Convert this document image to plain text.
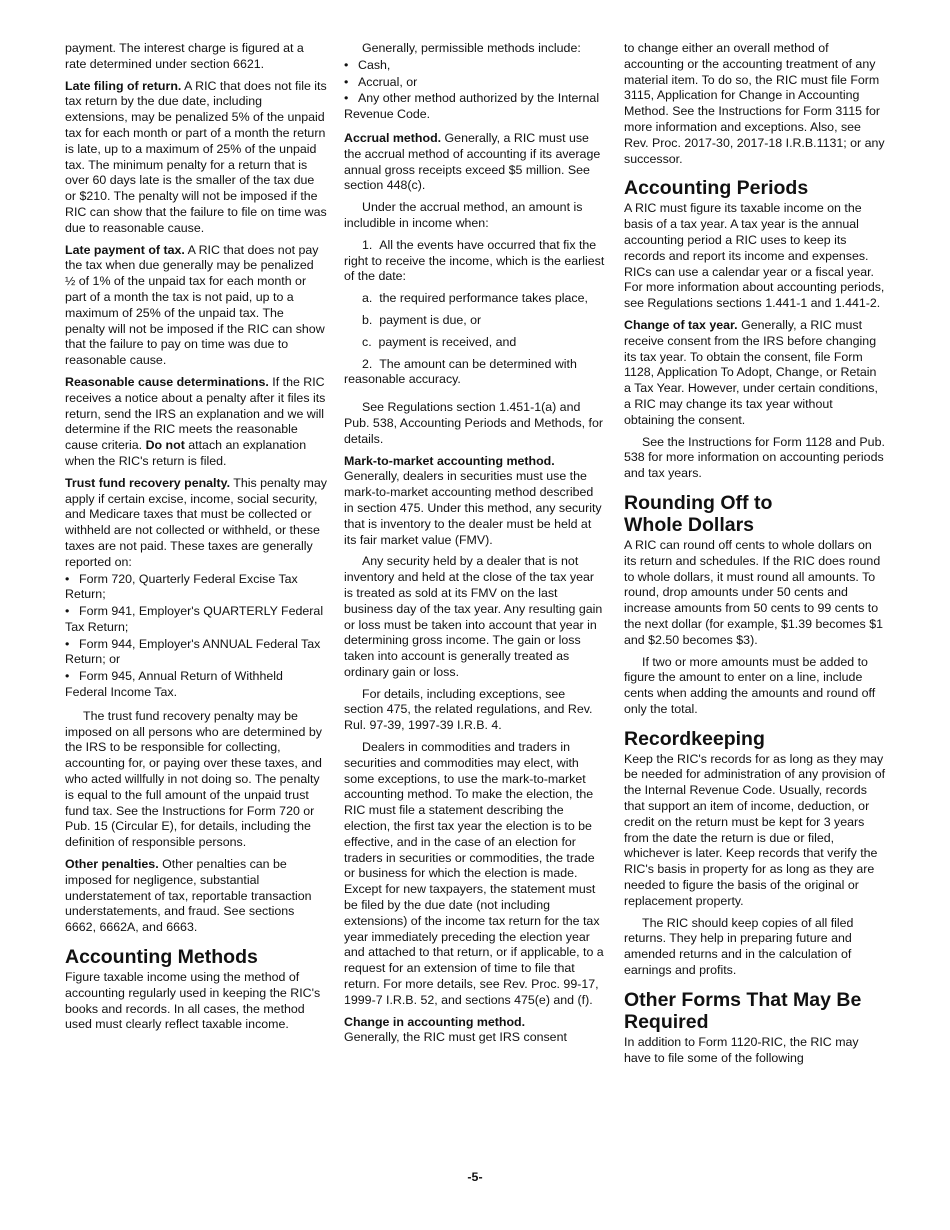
payment. The interest charge is figured at a rate determined under section 6621.

Late filing of return. A RIC that does not file its tax return by the due date, including extensions, may be penalized 5% of the unpaid tax for each month or part of a month the return is late, up to a maximum of 25% of the unpaid tax. The minimum penalty for a return that is over 60 days late is the smaller of the tax due or $210. The penalty will not be imposed if the RIC can show that the failure to file on time was due to reasonable cause.

Late payment of tax. A RIC that does not pay the tax when due generally may be penalized ½ of 1% of the unpaid tax for each month or part of a month the tax is not paid, up to a maximum of 25% of the unpaid tax. The penalty will not be imposed if the RIC can show that the failure to pay on time was due to reasonable cause.

Reasonable cause determinations. If the RIC receives a notice about a penalty after it files its return, send the IRS an explanation and we will determine if the RIC meets the reasonable cause criteria. Do not attach an explanation when the RIC's return is filed.

Trust fund recovery penalty. This penalty may apply if certain excise, income, social security, and Medicare taxes that must be collected or withheld are not collected or withheld, or these taxes are not paid. These taxes are generally reported on:

• Form 720, Quarterly Federal Excise Tax Return;

• Form 941, Employer's QUARTERLY Federal Tax Return;

• Form 944, Employer's ANNUAL Federal Tax Return; or

• Form 945, Annual Return of Withheld Federal Income Tax.

The trust fund recovery penalty may be imposed on all persons who are determined by the IRS to be responsible for collecting, accounting for, or paying over these taxes, and who acted willfully in not doing so. The penalty is equal to the full amount of the unpaid trust fund tax. See the Instructions for Form 720 or Pub. 15 (Circular E), for details, including the definition of responsible persons.

Other penalties. Other penalties can be imposed for negligence, substantial understatement of tax, reportable transaction understatements, and fraud. See sections 6662, 6662A, and 6663.

Accounting Methods

Figure taxable income using the method of accounting regularly used in keeping the RIC's books and records. In all cases, the method used must clearly reflect taxable income.

Generally, permissible methods include:

• Cash,

• Accrual, or

• Any other method authorized by the Internal Revenue Code.

Accrual method. Generally, a RIC must use the accrual method of accounting if its average annual gross receipts exceed $5 million. See section 448(c).

Under the accrual method, an amount is includible in income when:

1.  All the events have occurred that fix the right to receive the income, which is the earliest of the date:

a.  the required performance takes place,

b.  payment is due, or

c.  payment is received, and

2.  The amount can be determined with reasonable accuracy.

See Regulations section 1.451-1(a) and Pub. 538, Accounting Periods and Methods, for details.

Mark-to-market accounting method.
Generally, dealers in securities must use the mark-to-market accounting method described in section 475. Under this method, any security that is inventory to the dealer must be held at its fair market value (FMV).

Any security held by a dealer that is not inventory and held at the close of the tax year is treated as sold at its FMV on the last business day of the tax year. Any resulting gain or loss must be taken into account that year in determining gross income. The gain or loss taken into account is generally treated as ordinary gain or loss.

For details, including exceptions, see section 475, the related regulations, and Rev. Rul. 97-39, 1997-39 I.R.B. 4.

Dealers in commodities and traders in securities and commodities may elect, with some exceptions, to use the mark-to-market accounting method. To make the election, the RIC must file a statement describing the election, the first tax year the election is to be effective, and in the case of an election for traders in securities or commodities, the trade or business for which the election is made. Except for new taxpayers, the statement must be filed by the due date (not including extensions) of the income tax return for the tax year immediately preceding the election year and attached to that return, or if applicable, to a request for an extension of time to file that return. For more details, see Rev. Proc. 99-17, 1999-7 I.R.B. 52, and sections 475(e) and (f).

Change in accounting method.
Generally, the RIC must get IRS consent

to change either an overall method of accounting or the accounting treatment of any material item. To do so, the RIC must file Form 3115, Application for Change in Accounting Method. See the Instructions for Form 3115 for more information and exceptions. Also, see Rev. Proc. 2017-30, 2017-18 I.R.B.1131; or any successor.

Accounting Periods

A RIC must figure its taxable income on the basis of a tax year. A tax year is the annual accounting period a RIC uses to keep its records and report its income and expenses. RICs can use a calendar year or a fiscal year. For more information about accounting periods, see Regulations sections 1.441-1 and 1.441-2.

Change of tax year. Generally, a RIC must receive consent from the IRS before changing its tax year. To obtain the consent, file Form 1128, Application To Adopt, Change, or Retain a Tax Year. However, under certain conditions, a RIC may change its tax year without obtaining the consent.

See the Instructions for Form 1128 and Pub. 538 for more information on accounting periods and tax years.

Rounding Off to Whole Dollars

A RIC can round off cents to whole dollars on its return and schedules. If the RIC does round to whole dollars, it must round all amounts. To round, drop amounts under 50 cents and increase amounts from 50 cents to 99 cents to the next dollar (for example, $1.39 becomes $1 and $2.50 becomes $3).

If two or more amounts must be added to figure the amount to enter on a line, include cents when adding the amounts and round off only the total.

Recordkeeping

Keep the RIC's records for as long as they may be needed for administration of any provision of the Internal Revenue Code. Usually, records that support an item of income, deduction, or credit on the return must be kept for 3 years from the date the return is due or filed, whichever is later. Keep records that verify the RIC's basis in property for as long as they are needed to figure the basis of the original or replacement property.

The RIC should keep copies of all filed returns. They help in preparing future and amended returns and in the calculation of earnings and profits.

Other Forms That May Be Required

In addition to Form 1120-RIC, the RIC may have to file some of the following

-5-
